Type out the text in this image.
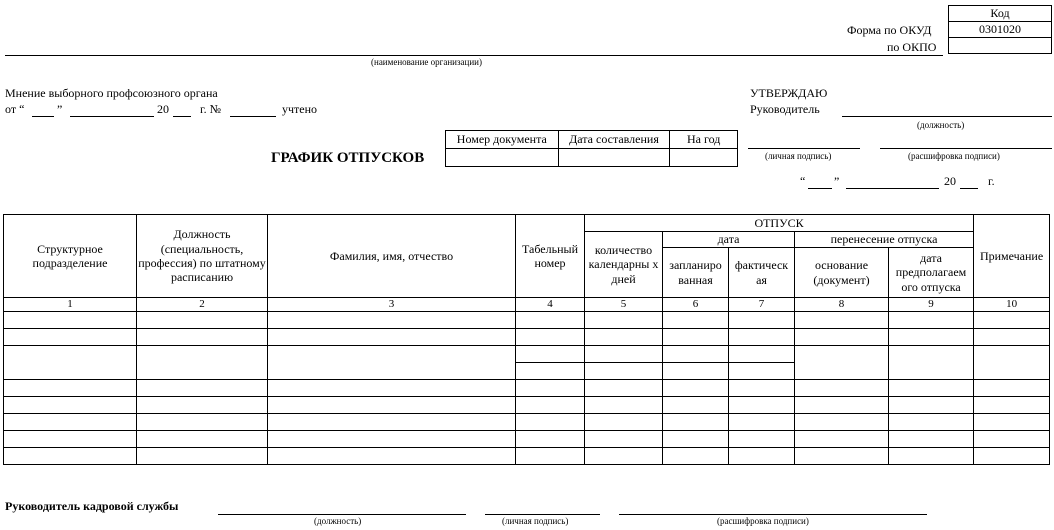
Форма по ОКУД
по ОКПО
Код
0301020

(наименование организации)
Мнение выборного профсоюзного органа
от “	”	20	г. №	учтено
УТВЕРЖДАЮ
Руководитель
(должность)
(личная подпись)	(расшифровка подписи)
“ ”	20	г.
ГРАФИК ОТПУСКОВ
Номер документа	Дата составления	На год

Структурное подразделение	Должность (специальность, профессия) по штатному расписанию	Фамилия, имя, отчество	Табельный номер	ОТПУСК					Примечание
				количество календарны х дней	дата		перенесение отпуска		
					запланиро ванная	фактическ ая	основание (документ)	дата предполагаем ого отпуска	
1	2	3	4	5	6	7	8	9	10

Руководитель кадровой службы
(должность)	(личная подпись)	(расшифровка подписи)
